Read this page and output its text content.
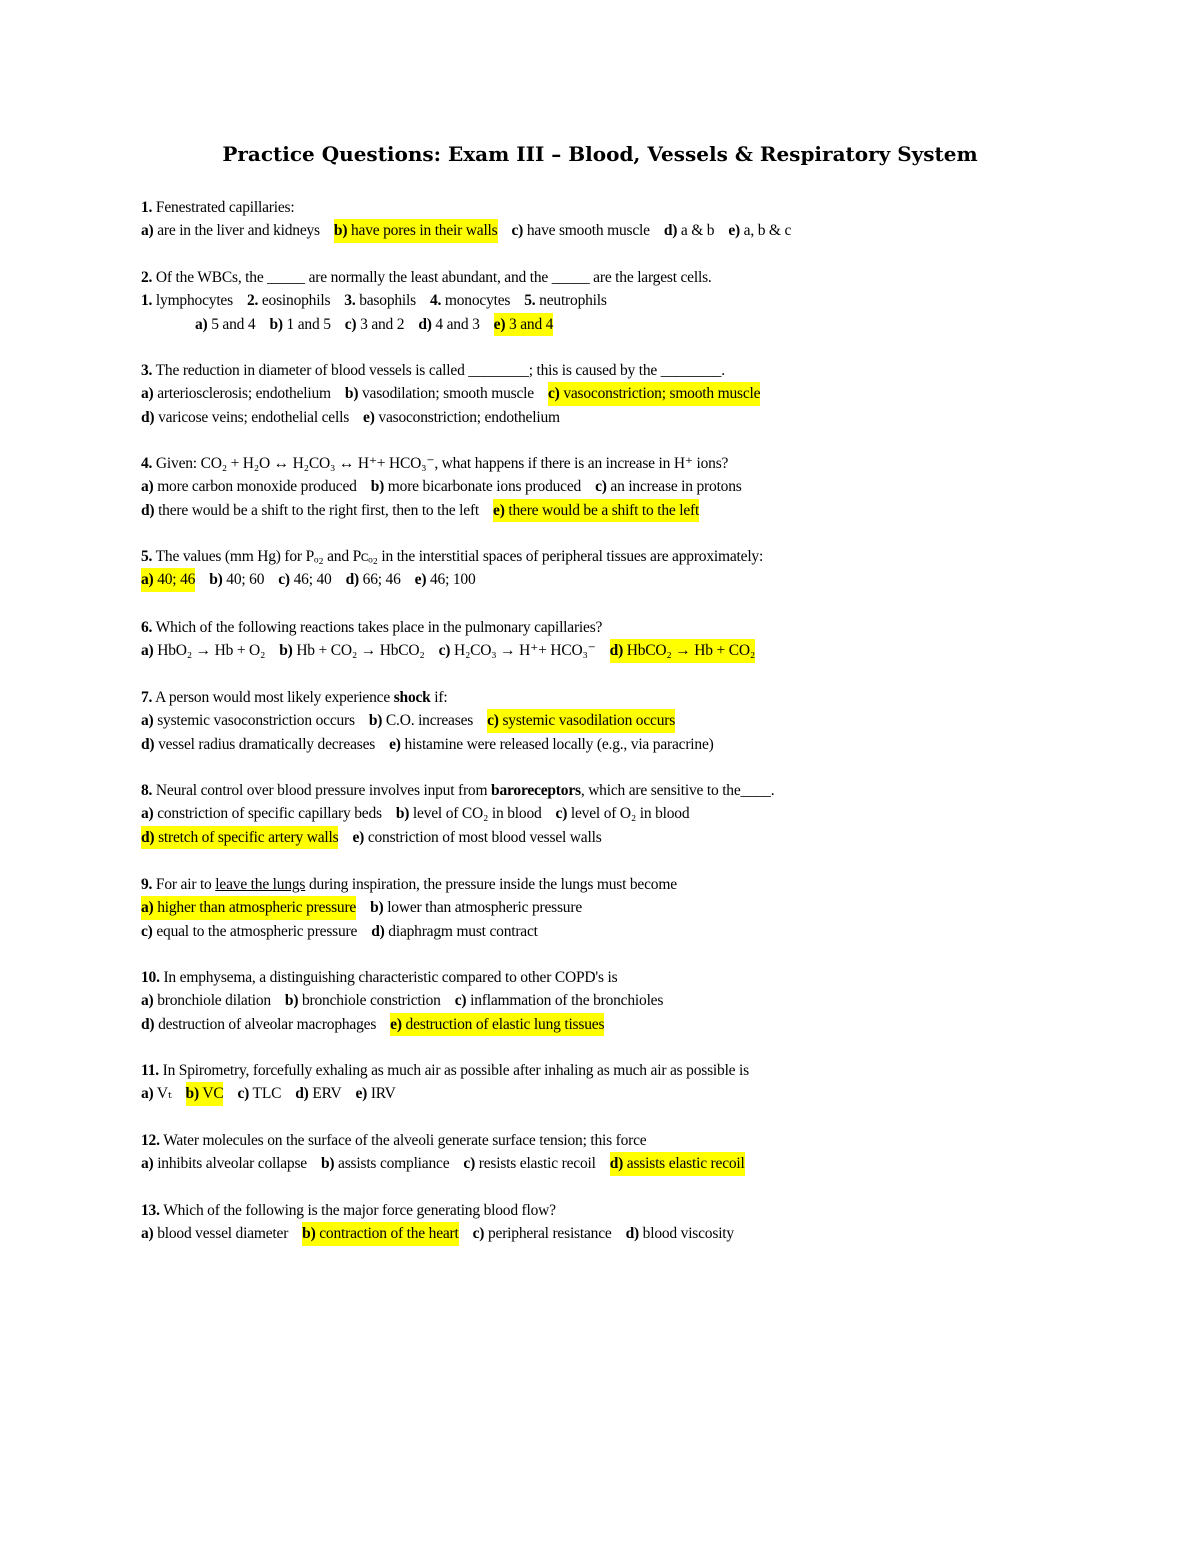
Practice Questions: Exam III – Blood, Vessels & Respiratory System
1. Fenestrated capillaries:
a) are in the liver and kidneys b) have pores in their walls c) have smooth muscle d) a & b e) a, b & c
2. Of the WBCs, the _____ are normally the least abundant, and the _____ are the largest cells.
1. lymphocytes 2. eosinophils 3. basophils 4. monocytes 5. neutrophils
a) 5 and 4 b) 1 and 5 c) 3 and 2 d) 4 and 3 e) 3 and 4
3. The reduction in diameter of blood vessels is called ________; this is caused by the ________.
a) arteriosclerosis; endothelium b) vasodilation; smooth muscle c) vasoconstriction; smooth muscle
d) varicose veins; endothelial cells e) vasoconstriction; endothelium
4. Given: CO₂ + H₂O ↔ H₂CO₃ ↔ H⁺+ HCO₃⁻, what happens if there is an increase in H⁺ ions?
a) more carbon monoxide produced b) more bicarbonate ions produced c) an increase in protons
d) there would be a shift to the right first, then to the left e) there would be a shift to the left
5. The values (mm Hg) for Pₒ₂ and Pᴄₒ₂ in the interstitial spaces of peripheral tissues are approximately:
a) 40; 46 b) 40; 60 c) 46; 40 d) 66; 46 e) 46; 100
6. Which of the following reactions takes place in the pulmonary capillaries?
a) HbO₂ → Hb + O₂ b) Hb + CO₂ → HbCO₂ c) H₂CO₃ → H⁺+ HCO₃⁻ d) HbCO₂ → Hb + CO₂
7. A person would most likely experience shock if:
a) systemic vasoconstriction occurs b) C.O. increases c) systemic vasodilation occurs
d) vessel radius dramatically decreases e) histamine were released locally (e.g., via paracrine)
8. Neural control over blood pressure involves input from baroreceptors, which are sensitive to the____.
a) constriction of specific capillary beds b) level of CO₂ in blood c) level of O₂ in blood
d) stretch of specific artery walls e) constriction of most blood vessel walls
9. For air to leave the lungs during inspiration, the pressure inside the lungs must become
a) higher than atmospheric pressure b) lower than atmospheric pressure
c) equal to the atmospheric pressure d) diaphragm must contract
10. In emphysema, a distinguishing characteristic compared to other COPD's is
a) bronchiole dilation b) bronchiole constriction c) inflammation of the bronchioles
d) destruction of alveolar macrophages e) destruction of elastic lung tissues
11. In Spirometry, forcefully exhaling as much air as possible after inhaling as much air as possible is
a) Vₜ b) VC c) TLC d) ERV e) IRV
12. Water molecules on the surface of the alveoli generate surface tension; this force
a) inhibits alveolar collapse b) assists compliance c) resists elastic recoil d) assists elastic recoil
13. Which of the following is the major force generating blood flow?
a) blood vessel diameter b) contraction of the heart c) peripheral resistance d) blood viscosity
